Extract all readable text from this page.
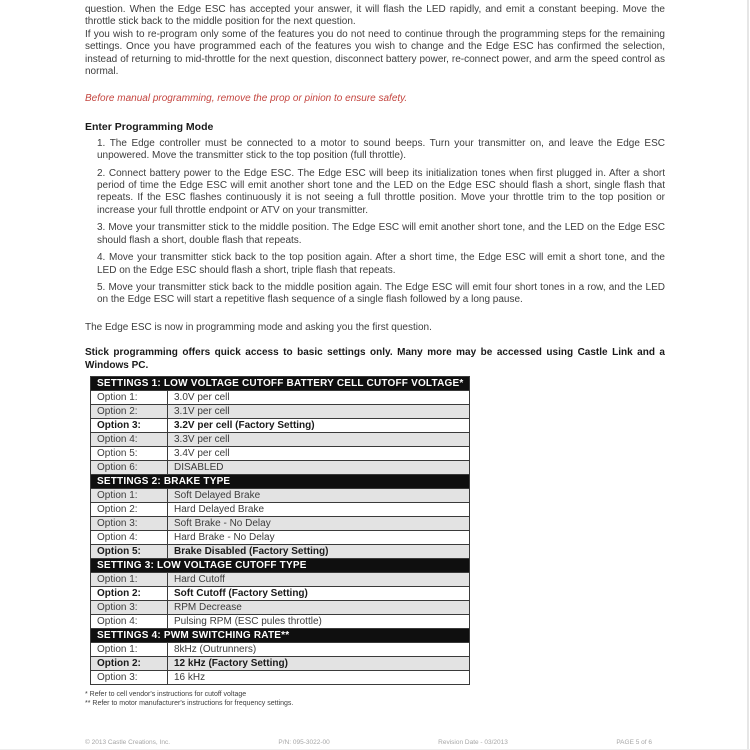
question. When the Edge ESC has accepted your answer, it will flash the LED rapidly, and emit a constant beeping. Move the throttle stick back to the middle position for the next question.

If you wish to re-program only some of the features you do not need to continue through the programming steps for the remaining settings. Once you have programmed each of the features you wish to change and the Edge ESC has confirmed the selection, instead of returning to mid-throttle for the next question, disconnect battery power, re-connect power, and arm the speed control as normal.

Before manual programming, remove the prop or pinion to ensure safety.

Enter Programming Mode

1. The Edge controller must be connected to a motor to sound beeps. Turn your transmitter on, and leave the Edge ESC unpowered. Move the transmitter stick to the top position (full throttle).

2. Connect battery power to the Edge ESC. The Edge ESC will beep its initialization tones when first plugged in. After a short period of time the Edge ESC will emit another short tone and the LED on the Edge ESC should flash a short, single flash that repeats. If the ESC flashes continuously it is not seeing a full throttle position. Move your throttle trim to the top position or increase your full throttle endpoint or ATV on your transmitter.

3. Move your transmitter stick to the middle position. The Edge ESC will emit another short tone, and the LED on the Edge ESC should flash a short, double flash that repeats.

4. Move your transmitter stick back to the top position again. After a short time, the Edge ESC will emit a short tone, and the LED on the Edge ESC should flash a short, triple flash that repeats.

5. Move your transmitter stick back to the middle position again. The Edge ESC will emit four short tones in a row, and the LED on the Edge ESC will start a repetitive flash sequence of a single flash followed by a long pause.

The Edge ESC is now in programming mode and asking you the first question.

Stick programming offers quick access to basic settings only. Many more may be accessed using Castle Link and a Windows PC.

SETTINGS 1: LOW VOLTAGE CUTOFF BATTERY CELL CUTOFF VOLTAGE*	
Option 1:	3.0V per cell
Option 2:	3.1V per cell
Option 3:	3.2V per cell (Factory Setting)
Option 4:	3.3V per cell
Option 5:	3.4V per cell
Option 6:	DISABLED
SETTINGS 2: BRAKE TYPE	
Option 1:	Soft Delayed Brake
Option 2:	Hard Delayed Brake
Option 3:	Soft Brake - No Delay
Option 4:	Hard Brake - No Delay
Option 5:	Brake Disabled (Factory Setting)
SETTING 3: LOW VOLTAGE CUTOFF TYPE	
Option 1:	Hard Cutoff
Option 2:	Soft Cutoff (Factory Setting)
Option 3:	RPM Decrease
Option 4:	Pulsing RPM (ESC pules throttle)
SETTINGS 4: PWM SWITCHING RATE**	
Option 1:	8kHz (Outrunners)
Option 2:	12 kHz (Factory Setting)
Option 3:	16 kHz
* Refer to cell vendor's instructions for cutoff voltage
** Refer to motor manufacturer's instructions for frequency settings.
© 2013 Castle Creations, Inc.	P/N: 095-3022-00	Revision Date - 03/2013	PAGE 5 of 6
